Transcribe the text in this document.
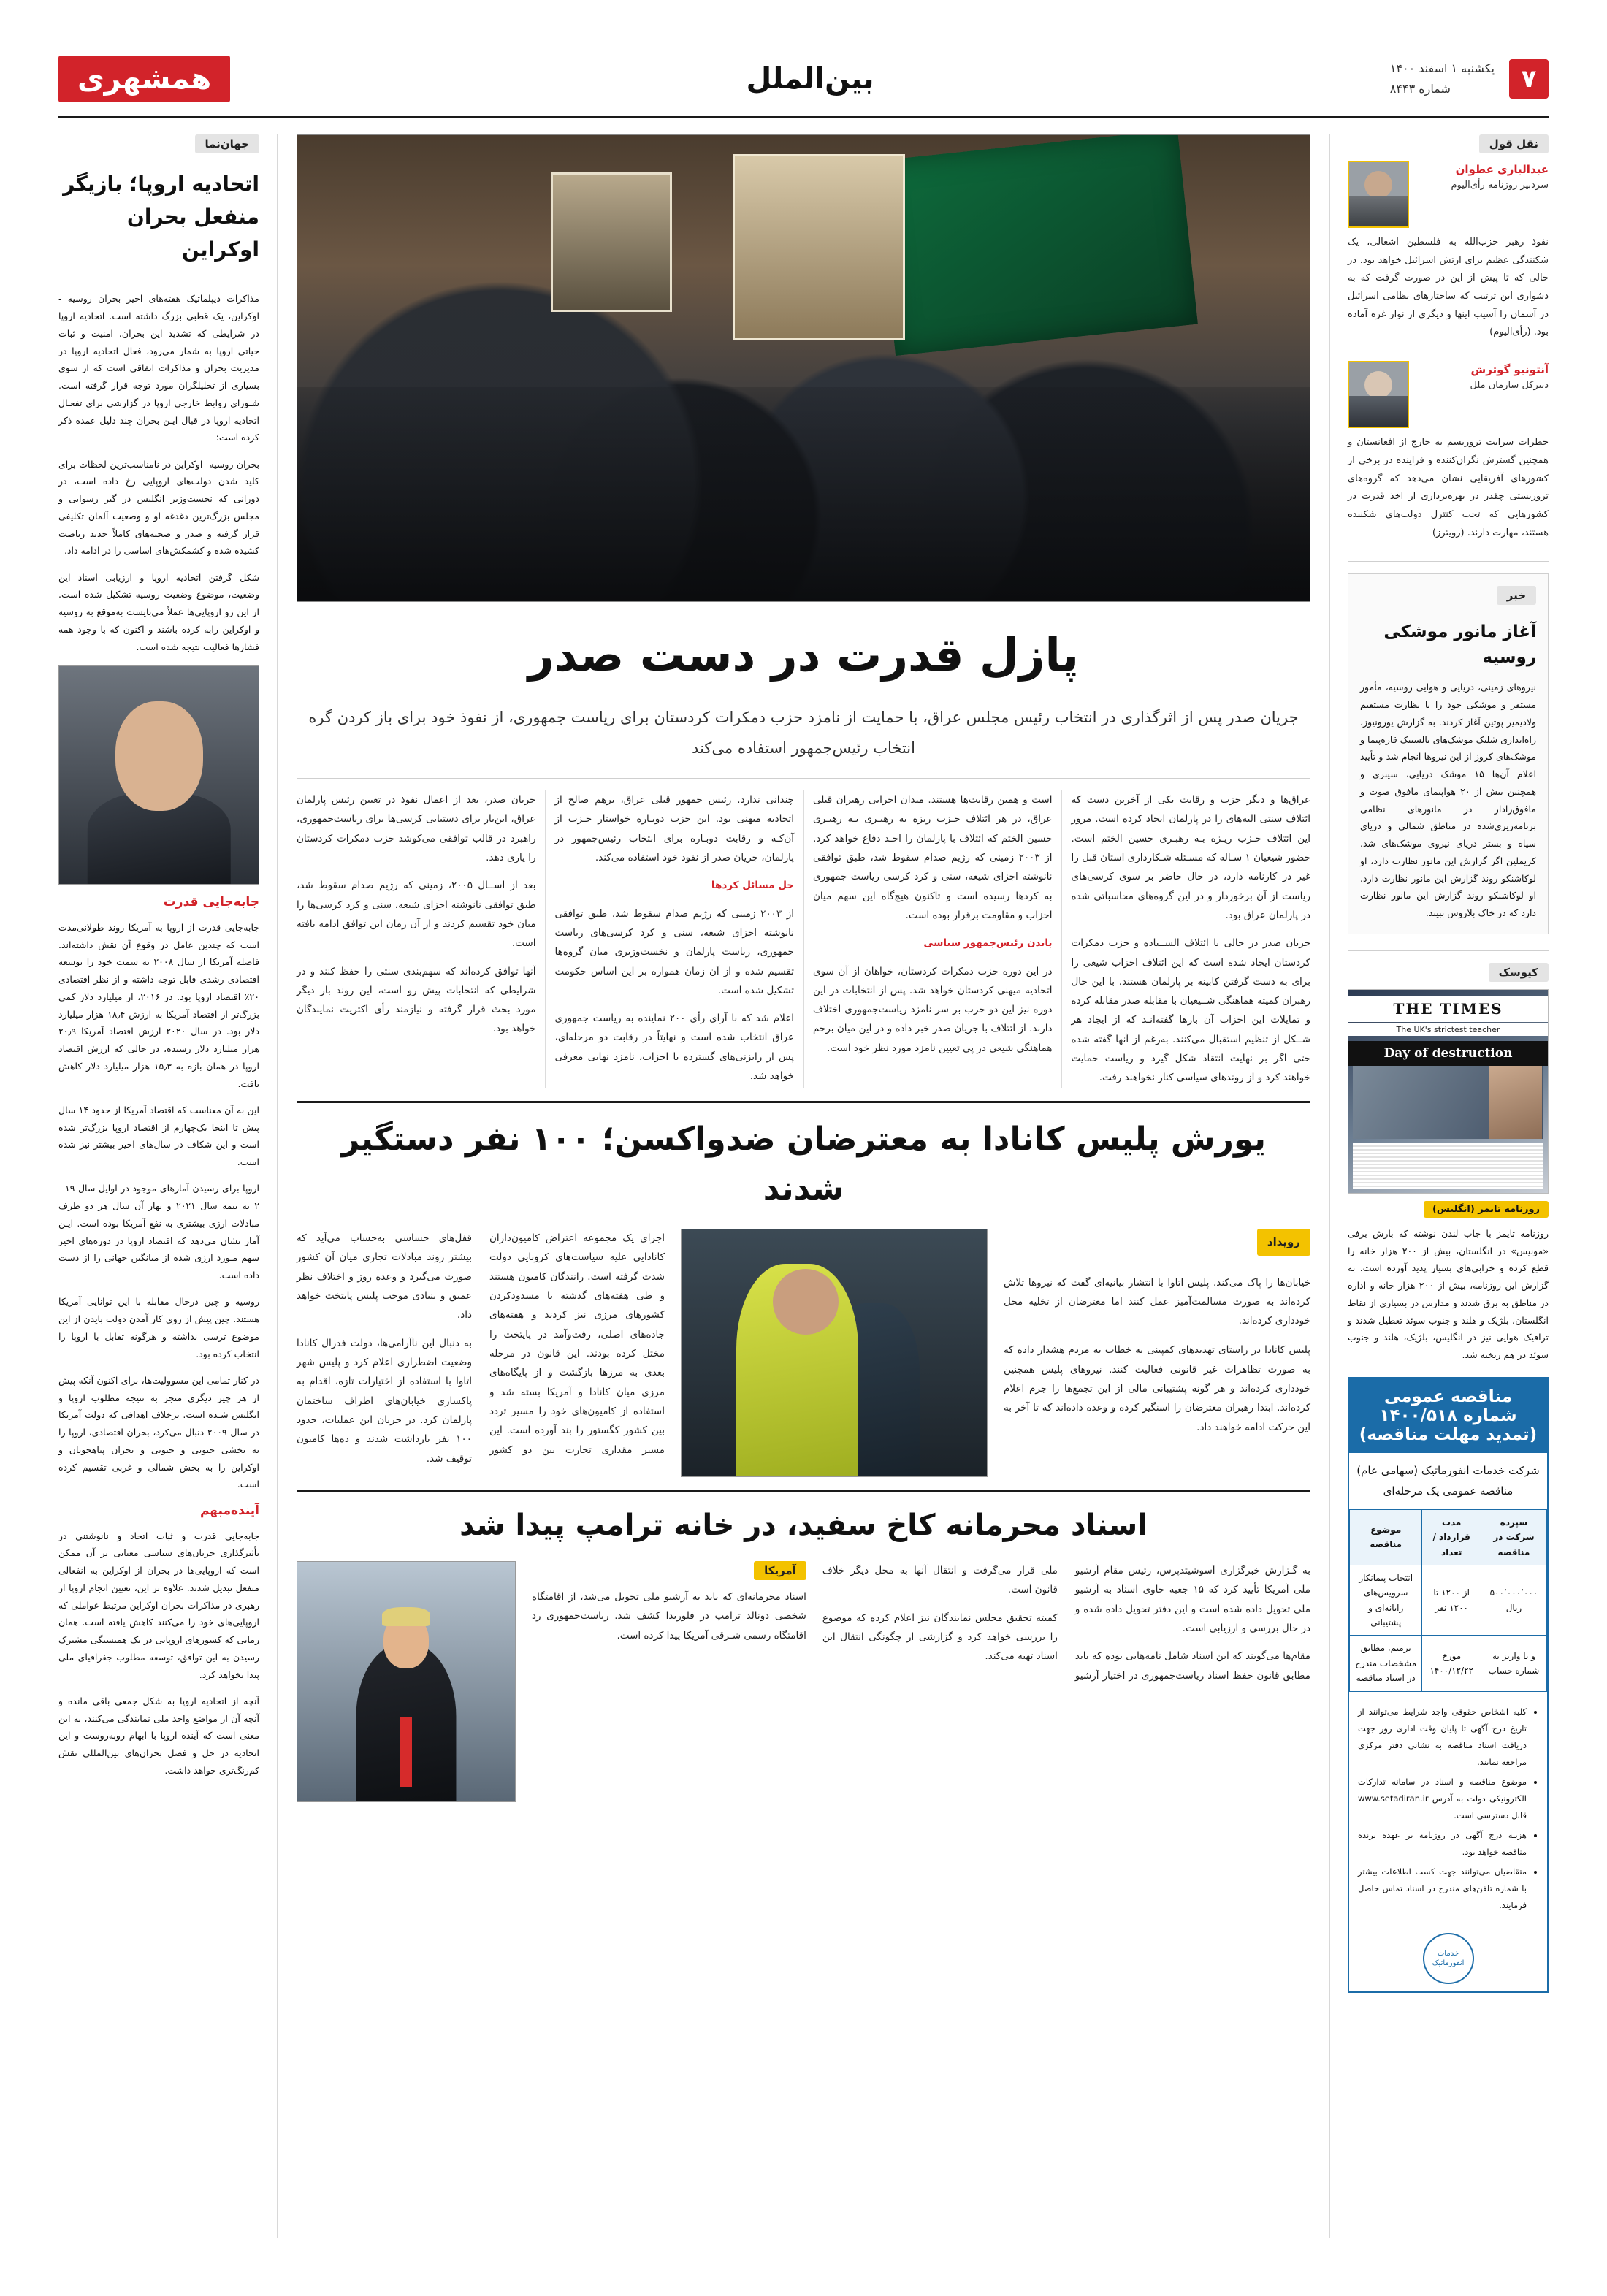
۷
یکشنبه ۱ اسفند ۱۴۰۰
شماره ۸۴۴۳
بین‌الملل
همشهری
نقل قول
عبدالباری عطوان
سردبیر روزنامه رأی‌الیوم
نفوذ رهبر حزب‌الله به فلسطین اشغالی، یک شکنندگی عظیم برای ارتش اسرائیل خواهد بود. در حالی که تا پیش از این در صورت گرفت که به دشواری این ترتیب که ساختارهای نظامی اسرائیل در آسمان را آسیب اینها و دیگری از نوار غزه آماده بود. (رأی‌الیوم)
آنتونیو گوترش
دبیرکل سازمان ملل
خطرات سرایت تروریسم به خارج از افغانستان و همچنین گسترش نگران‌کننده و فزاینده در برخی از کشورهای آفریقایی نشان می‌دهد که گروه‌های تروریستی چقدر در بهره‌برداری از اخذ قدرت در کشورهایی که تحت کنترل دولت‌های شکننده هستند، مهارت دارند. (رویترز)
خبر
آغاز مانور موشکی روسیه
نیروهای زمینی، دریایی و هوایی روسیه، مأمور مستقر و موشکی خود را با نظارت مستقیم ولادیمیر پوتین آغاز کردند. به گزارش یورونیوز، راه‌اندازی شلیک موشک‌های بالستیک قاره‌پیما و موشک‌های کروز از این نیروها انجام شد و تأیید اعلام آن‌ها ۱۵ موشک دریایی، سیبری و همچنین بیش از ۲۰ هواپیمای مافوق صوت و مافوق‌رادار در مانورهای نظامی برنامه‌ریزی‌شده در مناطق شمالی و دریای سیاه و بستر دریای نیروی موشک‌های شد. کریملین اگر گزارش این مانور نظارت دارد، او لوکاشنکو روند گزارش این مانور نظارت دارد، او لوکاشنکو روند گزارش این مانور نظارت دارد که در خاک بلاروس ببیند.
کیوسک
THE TIMES
The UK's strictest teacher
Day of destruction
روزنامه تایمز (انگلیس)
روزنامه تایمز با جاب لندن نوشته که بارش برفی «مونیس» در انگلستان، بیش از ۲۰۰ هزار خانه را قطع کرده و خرابی‌های بسیار پدید آورده است. به گزارش این روزنامه، بیش از ۲۰۰ هزار خانه و اداره در مناطق به برق شدند و مدارس در بسیاری از نقاط انگلستان، بلژیک و هلند و جنوب سوئد تعطیل شدند و ترافیک هوایی نیز در انگلیس، بلژیک، هلند و جنوب سوئد در هم ریخته شد.
مناقصه عمومی شماره ۱۴۰۰/۵۱۸ (تمدید مهلت مناقصه)
شرکت خدمات انفورماتیک (سهامی عام)
مناقصه عمومی یک مرحله‌ای
سپرده شرکت در مناقصه	مدت قرارداد / تعداد	موضوع مناقصه
۵۰۰٬۰۰۰٬۰۰۰ ریال	از ۱۲۰۰ تا ۱۲۰۰ نفر	انتخاب پیمانکار سرویس‌های رایانه‌ای و پشتیبانی
و با واریز به شماره حساب	مورخ ۱۴۰۰/۱۲/۲۲	ترمیم، مطابق مشخصات مندرج در اسناد مناقصه
• کلیه اشخاص حقوقی واجد شرایط می‌توانند از تاریخ درج آگهی تا پایان وقت اداری روز جهت دریافت اسناد مناقصه به نشانی دفتر مرکزی مراجعه نمایند.
• موضوع مناقصه و اسناد در سامانه تدارکات الکترونیکی دولت به آدرس www.setadiran.ir قابل دسترسی است.
• هزینه درج آگهی در روزنامه بر عهده برنده مناقصه خواهد بود.
• متقاضیان می‌توانند جهت کسب اطلاعات بیشتر با شماره تلفن‌های مندرج در اسناد تماس حاصل فرمایند.
خدمات انفورماتیک
پازل قدرت در دست صدر
جریان صدر پس از اثرگذاری در انتخاب رئیس مجلس عراق، با حمایت از نامزد حزب دمکرات کردستان برای ریاست جمهوری، از نفوذ خود برای باز کردن گره انتخاب رئیس‌جمهور استفاده می‌کند

عراق‌ها و دیگر حزب و رقابت یکی از آخرین دست که ائتلاف سنتی الیه‌های را در پارلمان ایجاد کرده است. مرور این ائتلاف حـزب ریـزه بـه رهبـری حسین الختم است. حضور شیعیان ۱ سـاله که مسـئله شـکارداری استان قبل را غیر در کارنامه دارد، در حال حاضر بر سوی کرسی‌های ریاست از آن برخوردار و در این گروه‌های محاسباتی شده در پارلمان عراق بود.

جریان صدر در حالی با ائتلاف الســیاده و حزب دمکرات کردستان ایجاد شده است که این ائتلاف احزاب شیعی را برای به دست گرفتن کابینه بر پارلمان هستند. با این حال رهبران کمیته هماهنگی شــیعیان با مقابله صدر مقابله کرده و تمایلات این احزاب آن بارها گفته‌انـد که از ایجاد هر شــکل از تنظیم استقبال می‌کنند. به‌رغم از آنها گفته شده حتی اگر بر نهایت انتقاد شکل گیرد و ریاست حمایت خواهند کرد و از روندهای سیاسی کنار نخواهند رفت.

است و همین رقابت‌ها هستند. میدان اجرایی رهبران قبلی عراق، در هر ائتلاف حـزب ریزه به رهبـری بـه رهبـری حسین الختم که ائتلاف با پارلمان را احـد دفاع خواهد کرد. از ۲۰۰۳ زمینی که رژیم صدام سقوط شد، طبق توافقی نانوشته اجزای شیعه، سنی و کرد کرسی ریاست جمهوری به کردها رسیده است و تاکنون هیچ‌گاه این سهم میان احزاب و مقاومت برقرار بوده است.

بایدن رئیس‌جمهور سیاسی

در این دوره حزب دمکرات کردستان، خواهان از آن سوی اتحادیه میهنی کردستان خواهد شد. پس از انتخابات در این دوره نیز این دو حزب بر سر نامزد ریاست‌جمهوری اختلاف دارند. از ائتلاف با جریان صدر خبر داده و در این میان برحم هماهنگی شیعی در پی تعیین نامزد مورد نظر خود است.

چندانی ندارد. رئیس جمهور قبلی عراق، برهم صالح از اتحادیه میهنی بود. این حزب دوبـاره خواستار حـزب از آن‌کـه و رقابت دوبـاره برای انتخاب رئیس‌جمهور در پارلمان، جریان صدر از نفوذ خود استفاده می‌کند.

حل مسائل کردها

از ۲۰۰۳ زمینی که رژیم صدام سقوط شد، طبق توافقی نانوشته اجزای شیعه، سنی و کرد کرسی‌های ریاست جمهوری، ریاست پارلمان و نخست‌وزیری میان گروه‌ها تقسیم شده و از آن زمان همواره بر این اساس حکومت تشکیل شده است.

اعلام شد که با آرای رأی ۲۰۰ نماینده به ریاست جمهوری عراق انتخاب شده است و نهایتاً در رقابت دو مرحله‌ای، پس از رایزنی‌های گسترده با احزاب، نامزد نهایی معرفی خواهد شد.

جریان صدر، بعد از اعمال نفوذ در تعیین رئیس پارلمان عراق، این‌بار برای دستیابی کرسی‌ها برای ریاست‌جمهوری، راهبرد در قالب توافقی می‌کوشد حزب دمکرات کردستان را یاری دهد.

بعد از اســال ۲۰۰۵، زمینی که رژیم صدام سقوط شد، طبق توافقی نانوشته اجزای شیعه، سنی و کرد کرسی‌ها را میان خود تقسیم کردند و از آن زمان این توافق ادامه یافته است.

آنها توافق کرده‌اند که سهم‌بندی سنتی را حفظ کنند و در شرایطی که انتخابات پیش رو است، این روند بار دیگر مورد بحث قرار گرفته و نیازمند رأی اکثریت نمایندگان خواهد بود.

یورش پلیس کانادا به معترضان ضدواکسن؛ ۱۰۰ نفر دستگیر شدند
رویداد

خیابان‌ها را پاک می‌کند. پلیس اتاوا با انتشار بیانیه‌ای گفت که نیروها تلاش کرده‌اند به صورت مسالمت‌آمیز عمل کنند اما معترضان از تخلیه محل خودداری کرده‌اند.

پلیس کانادا در راستای تهدیدهای کمپینی به خطاب به مردم هشدار داده که به صورت تظاهرات غیر قانونی فعالیت کنند. نیروهای پلیس همچنین خودداری کرده‌اند و هر گونه پشتیبانی مالی از این تجمع‌ها را جرم اعلام کرده‌اند. ابتدا رهبران معترضان را اسنگیر کرده و وعده داده‌اند که تا آخر به این حرکت ادامه خواهند داد.

اجرای یک مجموعه اعتراض کامیون‌داران کانادایی علیه سیاست‌های کرونایی دولت شدت گرفته است. رانندگان کامیون هستند و طی هفته‌های گذشته با مسدودکردن کشورهای مرزی نیز کردند و هفته‌های جاده‌های اصلی، رفت‌وآمد در پایتخت را مختل کرده بودند. این قانون در مرحله بعدی به مرزها بازگشت و از پایگاه‌های مرزی میان کانادا و آمریکا بسته شد و استفاده از کامیون‌های خود را مسیر تردد بین کشور کگستور را بند آورده است. این مسیر مقداری تجارت بین دو کشور قفل‌های حساسی به‌حساب می‌آید که بیشتر روند مبادلات تجاری میان آن کشور صورت می‌گیرد و وعده روز و اختلاف نظر عمیق و بنیادی موجب پلیس پایتخت خواهد داد.

به دنبال این ناآرامی‌ها، دولت فدرال کانادا وضعیت اضطراری اعلام کرد و پلیس شهر اتاوا با استفاده از اختیارات تازه، اقدام به پاکسازی خیابان‌های اطراف ساختمان پارلمان کرد. در جریان این عملیات، حدود ۱۰۰ نفر بازداشت شدند و ده‌ها کامیون توقیف شد.

اسناد محرمانه کاخ سفید، در خانه ترامپ پیدا شد

به گـزارش خبرگزاری آسوشیتدپرس، رئیس مقام آرشیو ملی آمریکا تأیید کرد که ۱۵ جعبه حاوی اسناد به آرشیو ملی تحویل داده شده است و این دفتر تحویل داده شده و در حال بررسی و ارزیابی است.

مقام‌ها می‌گویند که این اسناد شامل نامه‌هایی بوده که باید مطابق قانون حفظ اسناد ریاست‌جمهوری در اختیار آرشیو ملی قرار می‌گرفت و انتقال آنها به محل دیگر خلاف قانون است.

کمیته تحقیق مجلس نمایندگان نیز اعلام کرده که موضوع را بررسی خواهد کرد و گزارشی از چگونگی انتقال این اسناد تهیه می‌کند.

آمریکا
اسناد محرمانه‌ای که باید به آرشیو ملی تحویل می‌شد، از اقامتگاه شخصی دونالد ترامپ در فلوریدا کشف شد. ریاست‌جمهوری رد اقامتگاه رسمی شـرقی آمریکا پیدا کرده است.
جهان‌نما
اتحادیه اروپا؛ بازیگر منفعل بحران اوکراین

مذاکرات دیپلماتیک هفته‌های اخیر بحران روسیه - اوکراین، یک قطبی بزرگ داشته است. اتحادیه اروپا در شرایطی که تشدید این بحران، امنیت و ثبات حیاتی اروپا به شمار می‌رود، فعال اتحادیه اروپا در مدیریت بحران و مذاکرات اتفاقی است که از سوی بسیاری از تحلیلگران مورد توجه قرار گرفته است. شـورای روابط خارجی اروپا در گزارشی برای تفعـال اتحادیه اروپا در قبال ایـن بحران چند دلیل عمده ذکر کرده است:

بحران روسیه- اوکراین در نامناسب‌ترین لحظات برای کلید شدن دولت‌های اروپایی رخ داده است، در دورانی که نخست‌وزیر انگلیس در گیر رسوایی و مجلس بزرگ‌ترین دغدغه او و وضعیت آلمان تکلیفی قرار گرفته و صدر و صحنه‌های کاملاً جدید ریاضت کشیده شده و کشمکش‌های اساسی را در ادامه داد.

شکل گرفتن اتحادیه اروپا و ارزیابی اسناد این وضعیت، موضوع وضعیت روسیه تشکیل شده است. از این رو اروپایی‌ها عملاً می‌بایست به‌موقع به روسیه و اوکراین رابه کرده باشند و اکنون که با وجود همه فشارها فعالیت نتیجه شده است.

جابه‌جایی قدرت

جابه‌جایی قدرت از اروپا به آمریکا روند طولانی‌مدت است که چندین عامل در وقوع آن نقش داشته‌اند. فاصله آمریکا از سال ۲۰۰۸ به سمت خود را توسعه اقتصادی رشدی قابل توجه داشته و از نظر اقتصادی ۲۰٪ اقتصاد اروپا بود. در ۲۰۱۶، از میلیارد دلار کمی بزرگ‌تر از اقتصاد آمریکا به ارزش ۱۸٫۴ هزار میلیارد دلار بود. در سال ۲۰۲۰ ارزش اقتصاد آمریکا ۲۰٫۹ هزار میلیارد دلار رسیده، در حالی که ارزش اقتصاد اروپا در همان بازه به ۱۵٫۳ هزار میلیارد دلار کاهش یافت.

این به آن معناست که اقتصاد آمریکا از حدود ۱۴ سال پیش تا اینجا یک‌چهارم از اقتصاد اروپا بزرگ‌تر شده است و این شکاف در سال‌های اخیر بیشتر نیز شده است.

اروپا برای رسیدن آمارهای موجود در اوایل سال ۱۹ - ۲ به نیمه سال ۲۰۲۱ و بهار آن سال هر دو طرف مبادلات ارزی بیشتری به نفع آمریکا بوده است. ایـن آمار نشان می‌دهد که اقتصاد اروپا در دوره‌های اخیر سهم مـورد ارزی شده از میانگین جهانی را از دست داده است.

روسیه و چین درحال مقابله با این توانایی آمریکا هستند. چین پیش از روی کار آمدن دولت بایدن از این موضوع ترسی نداشته و هرگونه تقابل با اروپا را انتخاب کرده بود.

در کنار تمامی این مسوولیت‌ها، برای اکنون آنکه پیش از هر چیز دیگری منجر به نتیجه مطلوب اروپا و انگلیس شـده است. برخلاف اهدافی که دولت آمریکا در سال ۲۰۰۹ دنبال می‌کرد، بحران اقتصادی، اروپا را به بخشی جنوبی و جنوبی و بحران پناهجویان و اوکراین را به بخش شمالی و غربی تقسیم کرده است.

آینده‌مبهم

جابه‌جایی قدرت و ثبات اتحاد و نانوشتنی در تأثیرگذاری جریان‌های سیاسی معنایی بر آن ممکن است که اروپایی‌ها در بحران از اوکراین به انفعالی منفعل تبدیل شدند. علاوه بر این، تعیین انجام اروپا از رهبری در مذاکرات بحران اوکراین مرتبط عواملی که اروپایی‌های خود را می‌کنند کاهش یافته است. همان زمانی که کشورهای اروپایی در یک همبستگی مشترک رسیدن به این توافق، توسعه مطلوب جغرافیای ملی پیدا نخواهد کرد.

آنچه از اتحادیه اروپا به شکل جمعی باقی مانده و آنچه آن از مواضع واحد ملی نمایندگی می‌کنند، به این معنی است که آینده اروپا با ابهام روبه‌روست و این اتحادیه در حل و فصل بحران‌های بین‌المللی نقش کم‌رنگ‌تری خواهد داشت.
